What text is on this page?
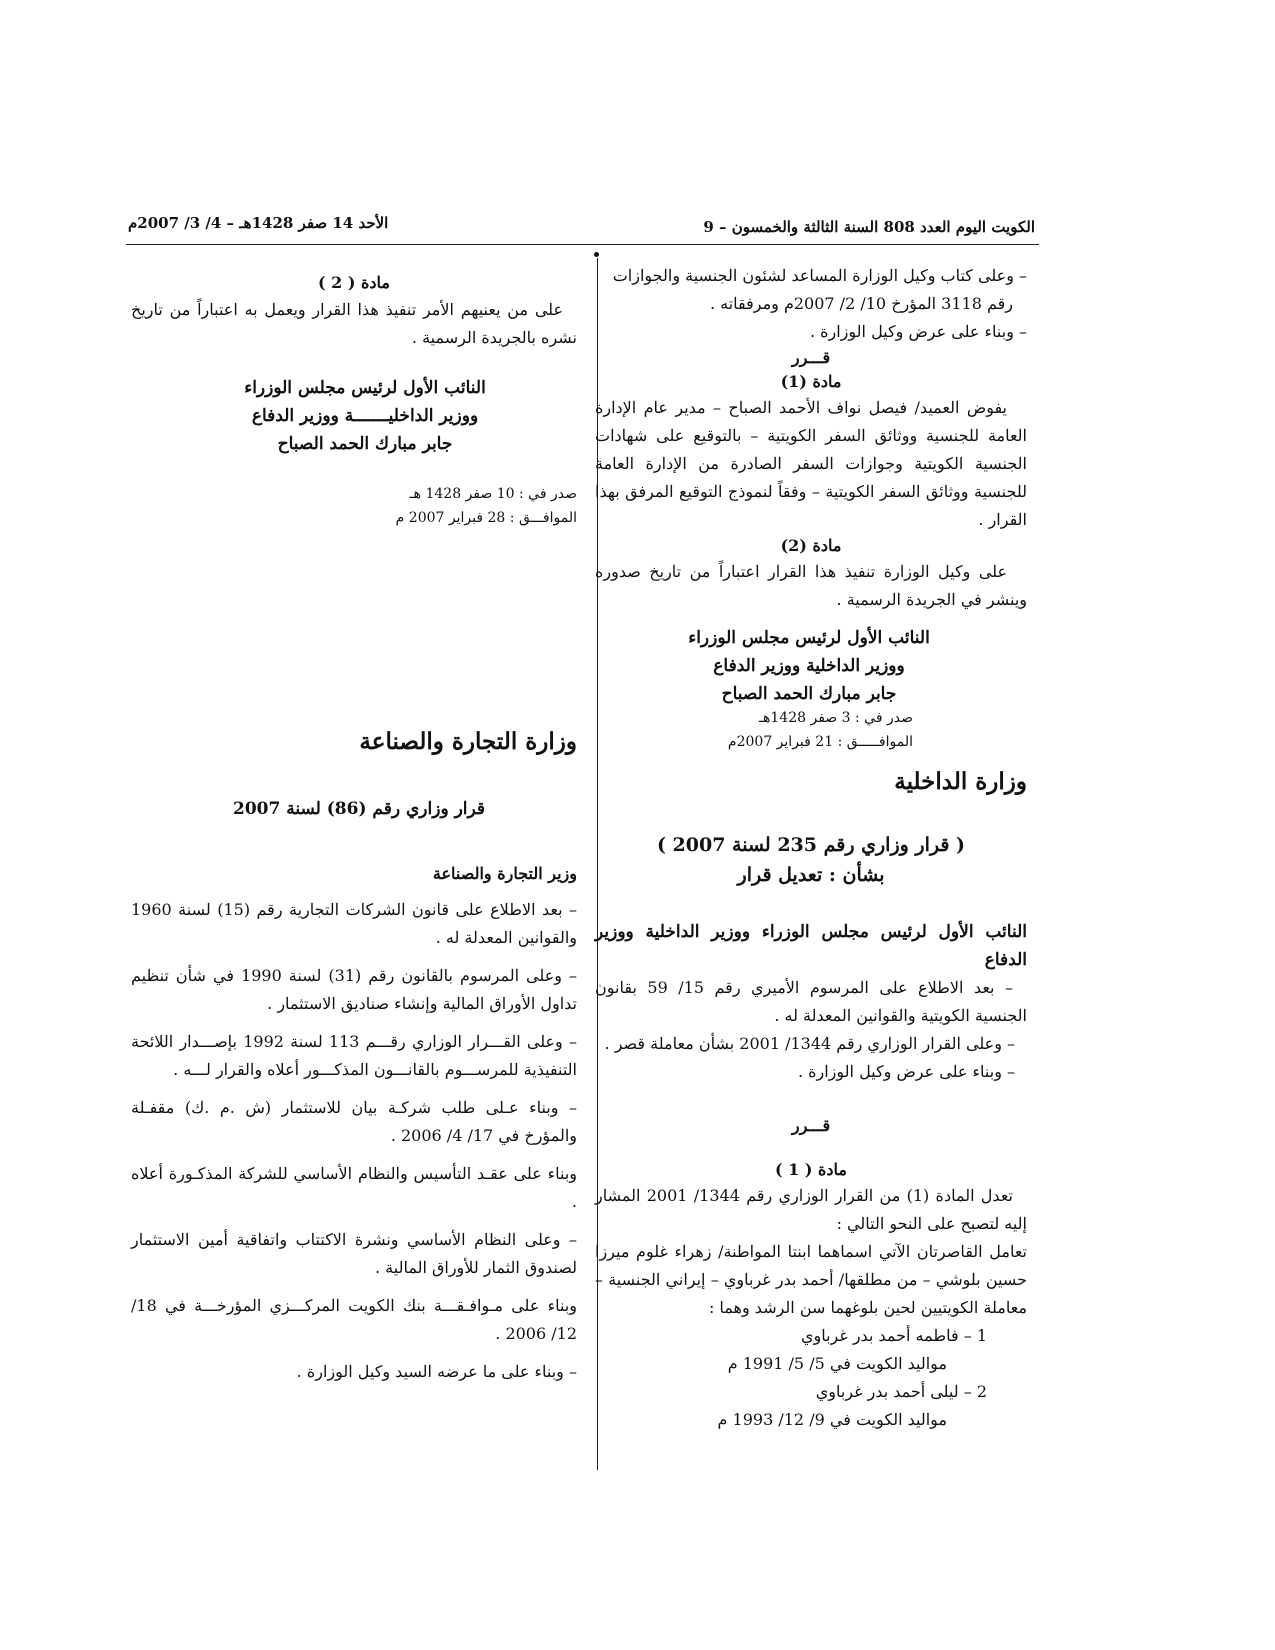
الكويت اليوم العدد 808 السنة الثالثة والخمسون – 9
الأحد 14 صفر 1428هـ – 4/ 3/ 2007م

– وعلى كتاب وكيل الوزارة المساعد لشئون الجنسية والجوازات

رقم 3118 المؤرخ 10/ 2/ 2007م ومرفقاته .

– وبناء على عرض وكيل الوزارة .

قـــرر

مادة (1)

يفوض العميد/ فيصل نواف الأحمد الصباح – مدير عام الإدارة العامة للجنسية ووثائق السفر الكويتية – بالتوقيع على شهادات الجنسية الكويتية وجوازات السفر الصادرة من الإدارة العامة للجنسية ووثائق السفر الكويتية – وفقاً لنموذج التوقيع المرفق بهذا القرار .

مادة (2)

على وكيل الوزارة تنفيذ هذا القرار اعتباراً من تاريخ صدوره وينشر في الجريدة الرسمية .

النائب الأول لرئيس مجلس الوزراء
ووزير الداخلية ووزير الدفاع
جابر مبارك الحمد الصباح
صدر في : 3 صفر 1428هـ
الموافـــــق : 21 فبراير 2007م
وزارة الداخلية
( قرار وزاري رقم 235 لسنة 2007 )
بشأن : تعديل قرار

النائب الأول لرئيس مجلس الوزراء ووزير الداخلية ووزير الدفاع

– بعد الاطلاع على المرسوم الأميري رقم 15/ 59 بقانون الجنسية الكويتية والقوانين المعدلة له .

– وعلى القرار الوزاري رقم 1344/ 2001 بشأن معاملة قصر .

– وبناء على عرض وكيل الوزارة .

قـــرر

مادة ( 1 )

تعدل المادة (1) من القرار الوزاري رقم 1344/ 2001 المشار إليه لتصبح على النحو التالي :

تعامل القاصرتان الآتي اسماهما ابنتا المواطنة/ زهراء غلوم ميرزا حسين بلوشي – من مطلقها/ أحمد بدر غرباوي – إيراني الجنسية – معاملة الكويتيين لحين بلوغهما سن الرشد وهما :

1 – فاطمه أحمد بدر غرباوي

مواليد الكويت في 5/ 5/ 1991 م

2 – ليلى أحمد بدر غرباوي

مواليد الكويت في 9/ 12/ 1993 م

مادة ( 2 )

على من يعنيهم الأمر تنفيذ هذا القرار ويعمل به اعتباراً من تاريخ نشره بالجريدة الرسمية .

النائب الأول لرئيس مجلس الوزراء
ووزير الداخليـــــــة ووزير الدفاع
جابر مبارك الحمد الصباح
صدر في : 10 صفر 1428 هـ
الموافـــق : 28 فبراير 2007 م
وزارة التجارة والصناعة
قرار وزاري رقم (86) لسنة 2007

وزير التجارة والصناعة

– بعد الاطلاع على قانون الشركات التجارية رقم (15) لسنة 1960 والقوانين المعدلة له .

– وعلى المرسوم بالقانون رقم (31) لسنة 1990 في شأن تنظيم تداول الأوراق المالية وإنشاء صناديق الاستثمار .

– وعلى القـــرار الوزاري رقـــم 113 لسنة 1992 بإصـــدار اللائحة التنفيذية للمرســـوم بالقانـــون المذكـــور أعلاه والقرار لـــه .

– وبناء عـلى طلب شركـة بيان للاستثمار (ش .م .ك) مقفـلة والمؤرخ في 17/ 4/ 2006 .

وبناء على عقـد التأسيس والنظام الأساسي للشركة المذكـورة أعلاه .

– وعلى النظام الأساسي ونشرة الاكتتاب واتفاقية أمين الاستثمار لصندوق الثمار للأوراق المالية .

وبناء على مـوافـقـــة بنك الكويت المركـــزي المؤرخـــة في 18/ 12/ 2006 .

– وبناء على ما عرضه السيد وكيل الوزارة .
